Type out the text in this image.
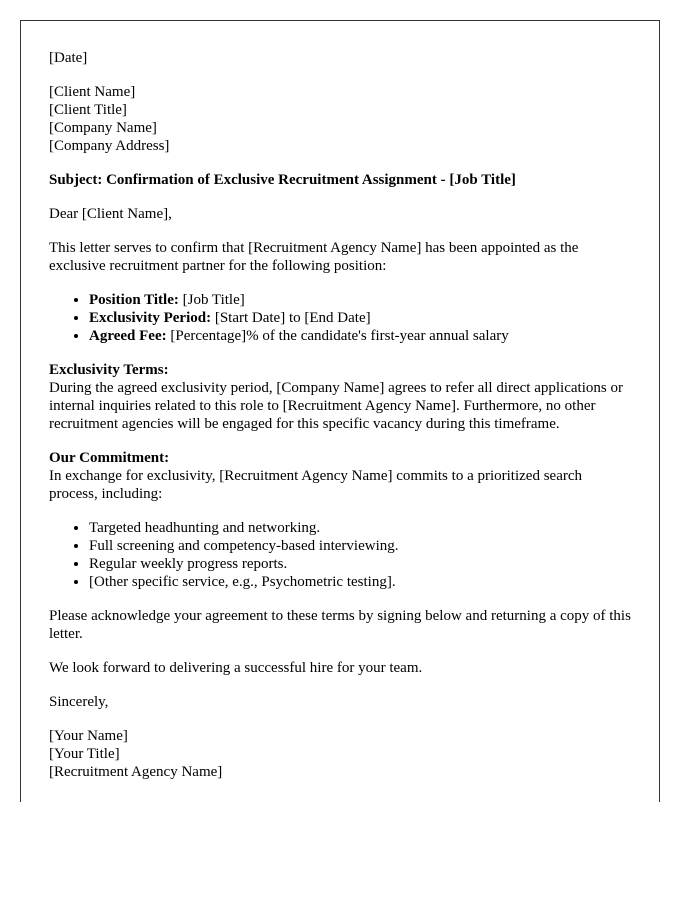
[Date]

[Client Name]
[Client Title]
[Company Name]
[Company Address]

Subject: Confirmation of Exclusive Recruitment Assignment - [Job Title]

Dear [Client Name],

This letter serves to confirm that [Recruitment Agency Name] has been appointed as the exclusive recruitment partner for the following position:

• Position Title: [Job Title]
• Exclusivity Period: [Start Date] to [End Date]
• Agreed Fee: [Percentage]% of the candidate's first-year annual salary

Exclusivity Terms:
During the agreed exclusivity period, [Company Name] agrees to refer all direct applications or internal inquiries related to this role to [Recruitment Agency Name]. Furthermore, no other recruitment agencies will be engaged for this specific vacancy during this timeframe.

Our Commitment:
In exchange for exclusivity, [Recruitment Agency Name] commits to a prioritized search process, including:

• Targeted headhunting and networking.
• Full screening and competency-based interviewing.
• Regular weekly progress reports.
• [Other specific service, e.g., Psychometric testing].

Please acknowledge your agreement to these terms by signing below and returning a copy of this letter.

We look forward to delivering a successful hire for your team.

Sincerely,

[Your Name]
[Your Title]
[Recruitment Agency Name]
